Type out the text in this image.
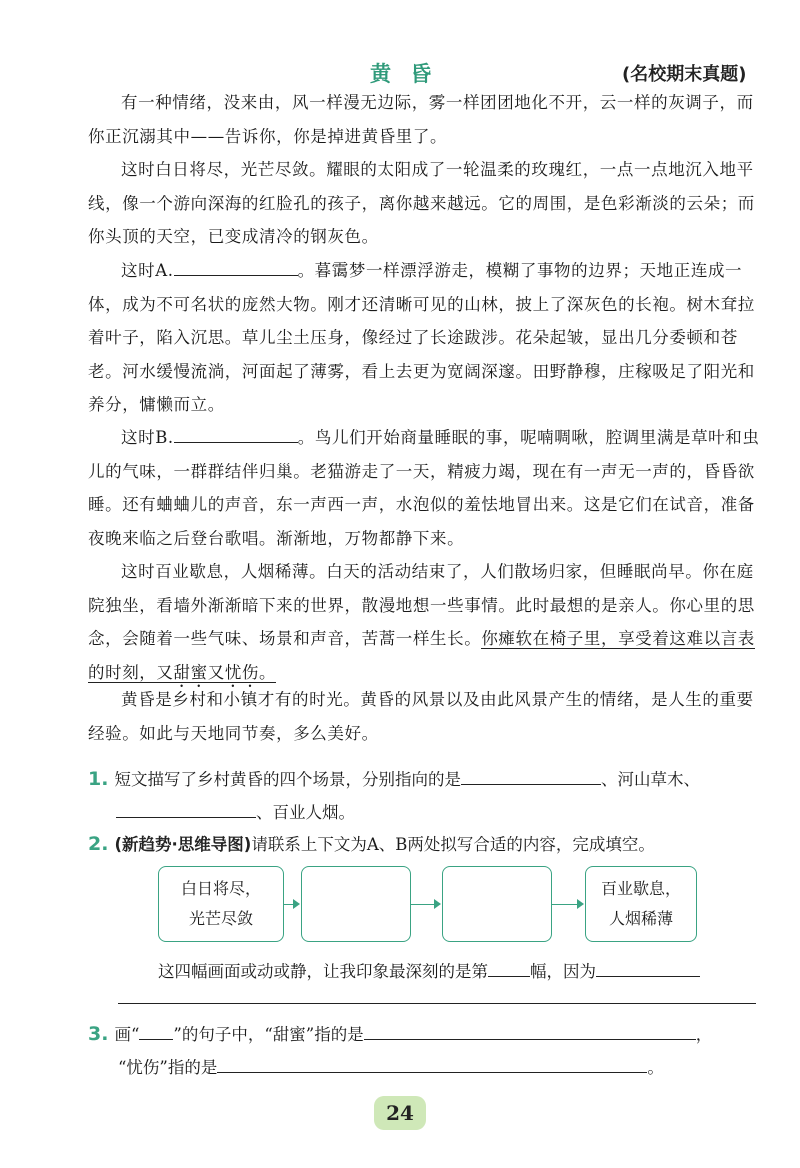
黄 昏	(名校期末真题)

有一种情绪，没来由，风一样漫无边际，雾一样团团地化不开，云一样的灰调子，而你正沉溺其中——告诉你，你是掉进黄昏里了。

这时白日将尽，光芒尽敛。耀眼的太阳成了一轮温柔的玫瑰红，一点一点地沉入地平线，像一个游向深海的红脸孔的孩子，离你越来越远。它的周围，是色彩渐淡的云朵；而你头顶的天空，已变成清冷的钢灰色。

这时A.	。暮霭梦一样漂浮游走，模糊了事物的边界；天地正连成一体，成为不可名状的庞然大物。刚才还清晰可见的山林，披上了深灰色的长袍。树木耷拉着叶子，陷入沉思。草儿尘土压身，像经过了长途跋涉。花朵起皱，显出几分委顿和苍老。河水缓慢流淌，河面起了薄雾，看上去更为宽阔深邃。田野静穆，庄稼吸足了阳光和养分，慵懒而立。

这时B.	。鸟儿们开始商量睡眠的事，呢喃啁啾，腔调里满是草叶和虫儿的气味，一群群结伴归巢。老猫游走了一天，精疲力竭，现在有一声无一声的，昏昏欲睡。还有蛐蛐儿的声音，东一声西一声，水泡似的羞怯地冒出来。这是它们在试音，准备夜晚来临之后登台歌唱。渐渐地，万物都静下来。

这时百业歇息，人烟稀薄。白天的活动结束了，人们散场归家，但睡眠尚早。你在庭院独坐，看墙外渐渐暗下来的世界，散漫地想一些事情。此时最想的是亲人。你心里的思念，会随着一些气味、场景和声音，苦蒿一样生长。你瘫软在椅子里，享受着这难以言表的时刻，又甜蜜又忧伤。

黄昏是乡村和小镇才有的时光。黄昏的风景以及由此风景产生的情绪，是人生的重要经验。如此与天地同节奏，多么美好。

1. 短文描写了乡村黄昏的四个场景，分别指向的是	、河山草木、

、百业人烟。

2. (新趋势·思维导图)请联系上下文为A、B两处拟写合适的内容，完成填空。

白日将尽，
光芒尽敛
百业歇息，
人烟稀薄

这四幅画面或动或静，让我印象最深刻的是第	幅，因为

3. 画“ ”的句子中，“甜蜜”指的是	，

“忧伤”指的是	。

24
